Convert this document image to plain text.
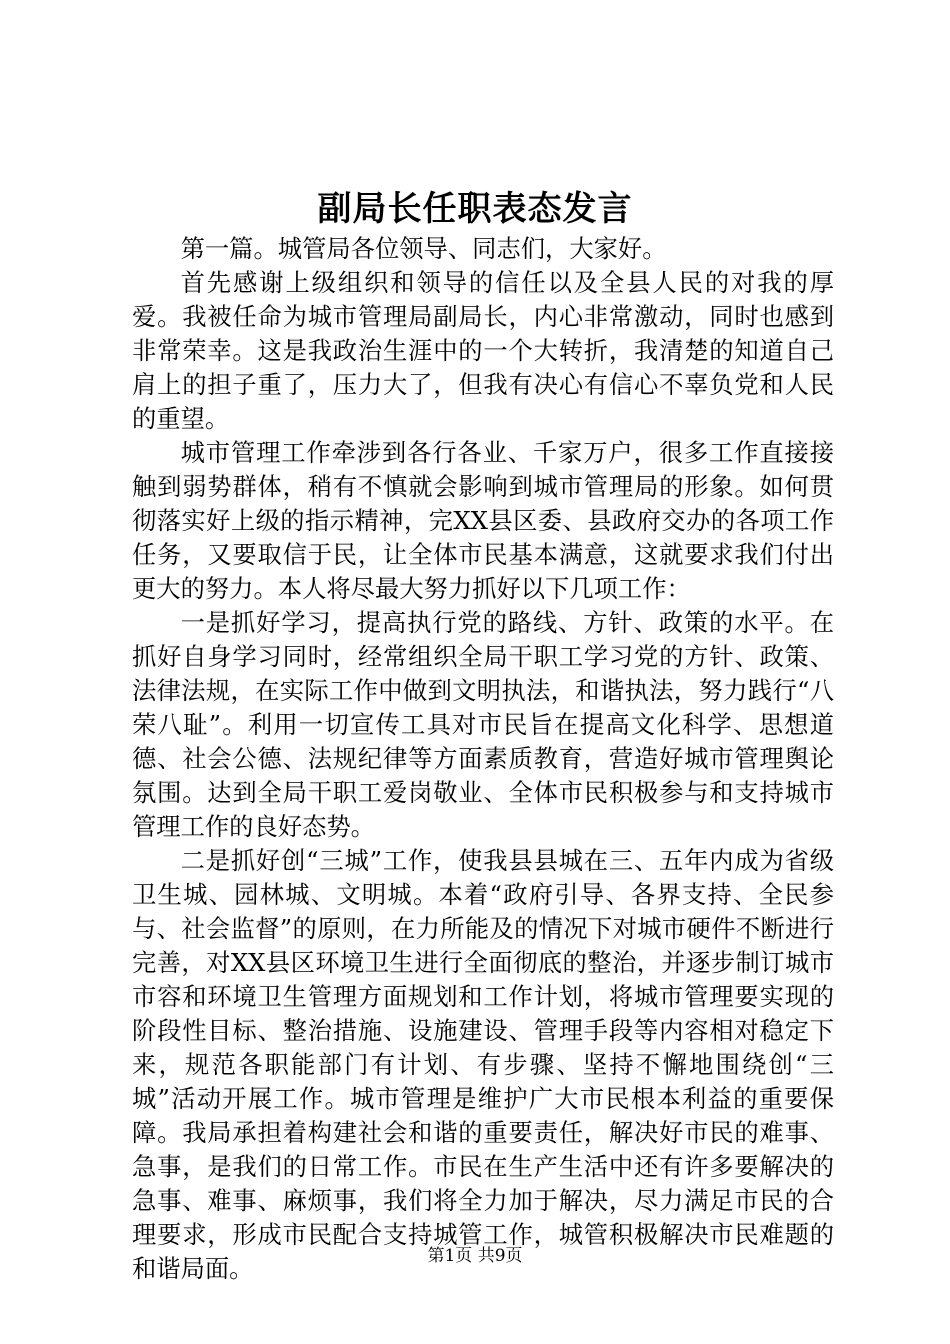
副局长任职表态发言

第一篇。城管局各位领导、同志们，大家好。

首先感谢上级组织和领导的信任以及全县人民的对我的厚爱。我被任命为城市管理局副局长，内心非常激动，同时也感到非常荣幸。这是我政治生涯中的一个大转折，我清楚的知道自己肩上的担子重了，压力大了，但我有决心有信心不辜负党和人民的重望。

城市管理工作牵涉到各行各业、千家万户，很多工作直接接触到弱势群体，稍有不慎就会影响到城市管理局的形象。如何贯彻落实好上级的指示精神，完XX县区委、县政府交办的各项工作任务，又要取信于民，让全体市民基本满意，这就要求我们付出更大的努力。本人将尽最大努力抓好以下几项工作：

一是抓好学习，提高执行党的路线、方针、政策的水平。在抓好自身学习同时，经常组织全局干职工学习党的方针、政策、法律法规，在实际工作中做到文明执法，和谐执法，努力践行“八荣八耻”。利用一切宣传工具对市民旨在提高文化科学、思想道德、社会公德、法规纪律等方面素质教育，营造好城市管理舆论氛围。达到全局干职工爱岗敬业、全体市民积极参与和支持城市管理工作的良好态势。

二是抓好创“三城”工作，使我县县城在三、五年内成为省级卫生城、园林城、文明城。本着“政府引导、各界支持、全民参与、社会监督”的原则，在力所能及的情况下对城市硬件不断进行完善，对XX县区环境卫生进行全面彻底的整治，并逐步制订城市市容和环境卫生管理方面规划和工作计划，将城市管理要实现的阶段性目标、整治措施、设施建设、管理手段等内容相对稳定下来，规范各职能部门有计划、有步骤、坚持不懈地围绕创“三城”活动开展工作。城市管理是维护广大市民根本利益的重要保障。我局承担着构建社会和谐的重要责任，解决好市民的难事、急事，是我们的日常工作。市民在生产生活中还有许多要解决的急事、难事、麻烦事，我们将全力加于解决，尽力满足市民的合理要求，形成市民配合支持城管工作，城管积极解决市民难题的和谐局面。	第1页 共9页
